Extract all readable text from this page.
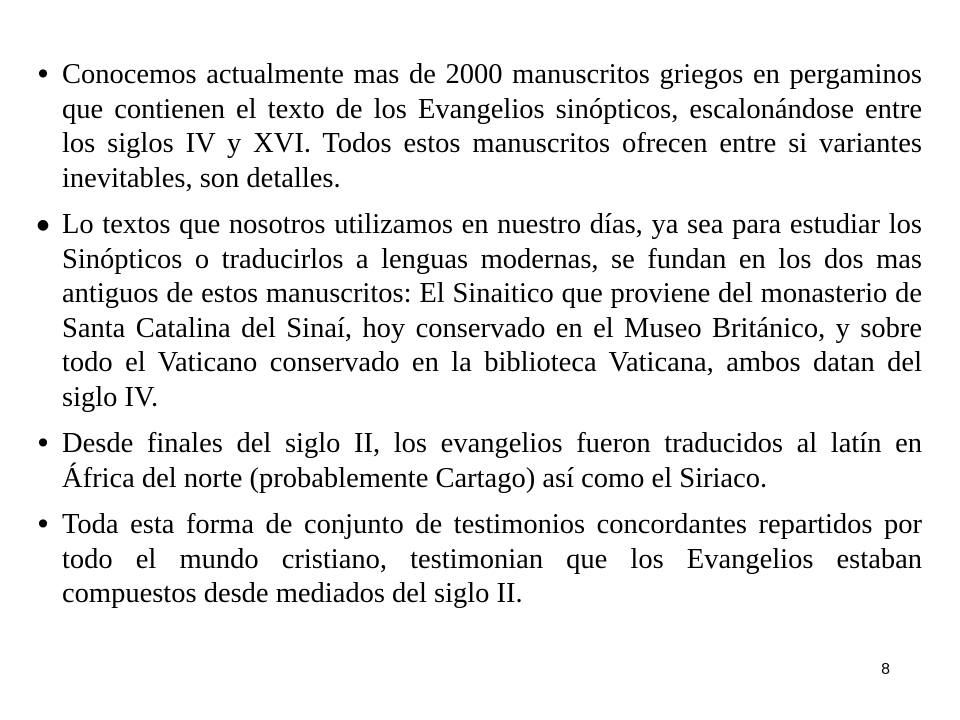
• Conocemos actualmente mas de 2000 manuscritos griegos en pergaminos que contienen el texto de los Evangelios sinópticos, escalonándose entre los siglos IV y XVI. Todos estos manuscritos ofrecen entre si variantes inevitables, son detalles.

● Lo textos que nosotros utilizamos en nuestro días, ya sea para estudiar los Sinópticos o traducirlos a lenguas modernas, se fundan en los dos mas antiguos de estos manuscritos: El Sinaitico que proviene del monasterio de Santa Catalina del Sinaí, hoy conservado en el Museo Británico, y sobre todo el Vaticano conservado en la biblioteca Vaticana, ambos datan del siglo IV.

• Desde finales del siglo II, los evangelios fueron traducidos al latín en África del norte (probablemente Cartago) así como el Siriaco.

• Toda esta forma de conjunto de testimonios concordantes repartidos por todo el mundo cristiano, testimonian que los Evangelios estaban compuestos desde mediados del siglo II.

8
